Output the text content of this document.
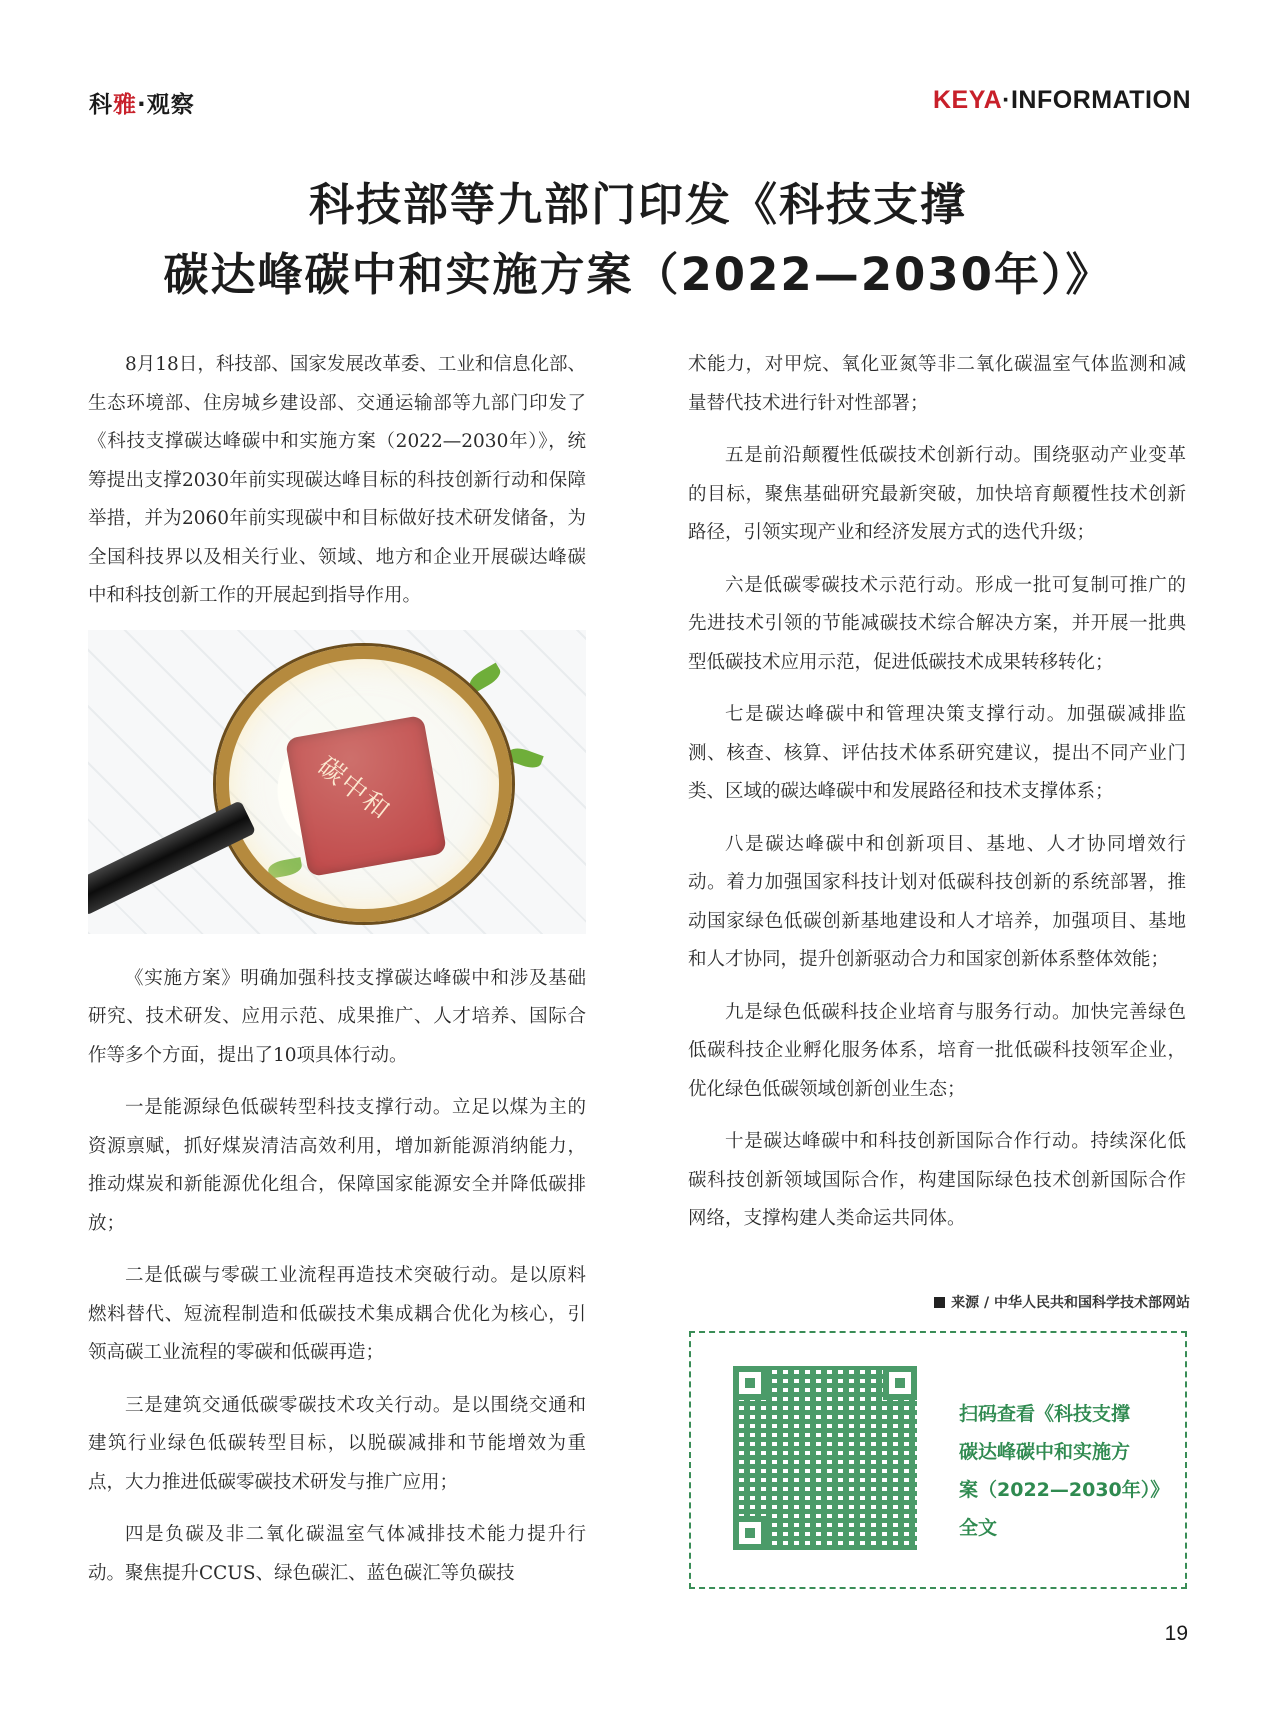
科雅·观察	KEYA·INFORMATION
科技部等九部门印发《科技支撑
碳达峰碳中和实施方案（2022—2030年）》

8月18日，科技部、国家发展改革委、工业和信息化部、生态环境部、住房城乡建设部、交通运输部等九部门印发了《科技支撑碳达峰碳中和实施方案（2022—2030年）》，统筹提出支撑2030年前实现碳达峰目标的科技创新行动和保障举措，并为2060年前实现碳中和目标做好技术研发储备，为全国科技界以及相关行业、领域、地方和企业开展碳达峰碳中和科技创新工作的开展起到指导作用。

《实施方案》明确加强科技支撑碳达峰碳中和涉及基础研究、技术研发、应用示范、成果推广、人才培养、国际合作等多个方面，提出了10项具体行动。

一是能源绿色低碳转型科技支撑行动。立足以煤为主的资源禀赋，抓好煤炭清洁高效利用，增加新能源消纳能力，推动煤炭和新能源优化组合，保障国家能源安全并降低碳排放；

二是低碳与零碳工业流程再造技术突破行动。是以原料燃料替代、短流程制造和低碳技术集成耦合优化为核心，引领高碳工业流程的零碳和低碳再造；

三是建筑交通低碳零碳技术攻关行动。是以围绕交通和建筑行业绿色低碳转型目标，以脱碳减排和节能增效为重点，大力推进低碳零碳技术研发与推广应用；

四是负碳及非二氧化碳温室气体减排技术能力提升行动。聚焦提升CCUS、绿色碳汇、蓝色碳汇等负碳技

术能力，对甲烷、氧化亚氮等非二氧化碳温室气体监测和减量替代技术进行针对性部署；

五是前沿颠覆性低碳技术创新行动。围绕驱动产业变革的目标，聚焦基础研究最新突破，加快培育颠覆性技术创新路径，引领实现产业和经济发展方式的迭代升级；

六是低碳零碳技术示范行动。形成一批可复制可推广的先进技术引领的节能减碳技术综合解决方案，并开展一批典型低碳技术应用示范，促进低碳技术成果转移转化；

七是碳达峰碳中和管理决策支撑行动。加强碳减排监测、核查、核算、评估技术体系研究建议，提出不同产业门类、区域的碳达峰碳中和发展路径和技术支撑体系；

八是碳达峰碳中和创新项目、基地、人才协同增效行动。着力加强国家科技计划对低碳科技创新的系统部署，推动国家绿色低碳创新基地建设和人才培养，加强项目、基地和人才协同，提升创新驱动合力和国家创新体系整体效能；

九是绿色低碳科技企业培育与服务行动。加快完善绿色低碳科技企业孵化服务体系，培育一批低碳科技领军企业，优化绿色低碳领域创新创业生态；

十是碳达峰碳中和科技创新国际合作行动。持续深化低碳科技创新领域国际合作，构建国际绿色技术创新国际合作网络，支撑构建人类命运共同体。

来源 / 中华人民共和国科学技术部网站
扫码查看《科技支撑
碳达峰碳中和实施方
案（2022—2030年）》
全文
19
